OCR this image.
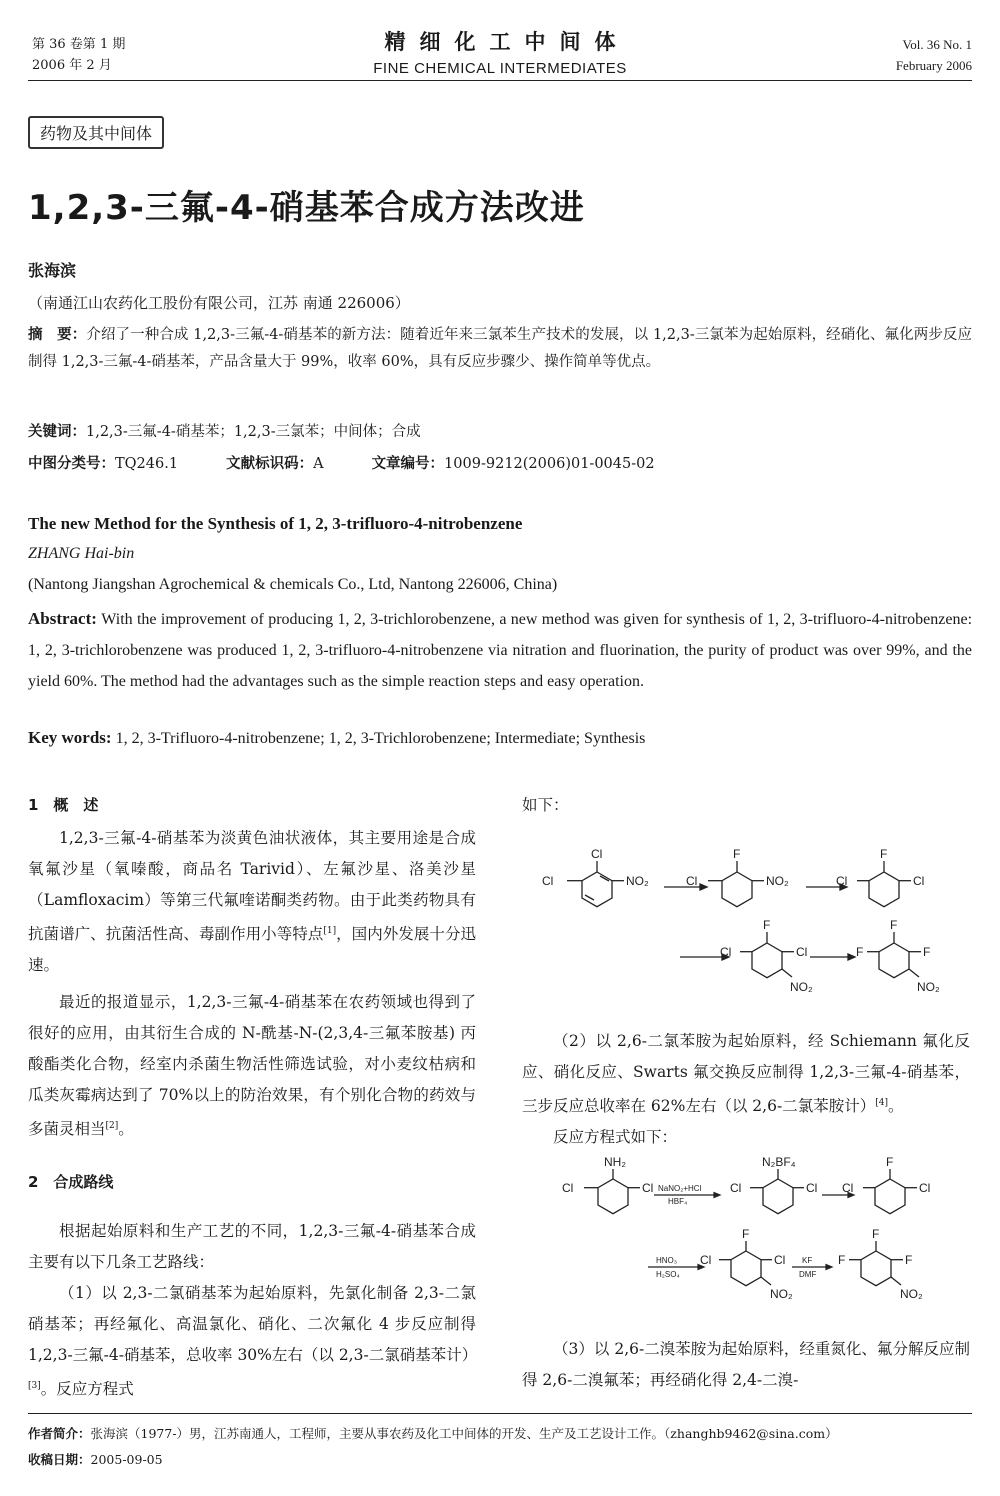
第 36 卷第 1 期
2006 年 2 月
精细化工中间体
FINE CHEMICAL INTERMEDIATES
Vol. 36 No. 1
February 2006
药物及其中间体
1,2,3-三氟-4-硝基苯合成方法改进
张海滨
（南通江山农药化工股份有限公司，江苏 南通 226006）
摘　要：介绍了一种合成 1,2,3-三氟-4-硝基苯的新方法：随着近年来三氯苯生产技术的发展，以 1,2,3-三氯苯为起始原料，经硝化、氟化两步反应制得 1,2,3-三氟-4-硝基苯，产品含量大于 99%，收率 60%，具有反应步骤少、操作简单等优点。
关键词：1,2,3-三氟-4-硝基苯；1,2,3-三氯苯；中间体；合成
中图分类号：TQ246.1	文献标识码：A	文章编号：1009-9212(2006)01-0045-02
The new Method for the Synthesis of 1, 2, 3-trifluoro-4-nitrobenzene
ZHANG Hai-bin
(Nantong Jiangshan Agrochemical & chemicals Co., Ltd, Nantong 226006, China)
Abstract: With the improvement of producing 1, 2, 3-trichlorobenzene, a new method was given for synthesis of 1, 2, 3-trifluoro-4-nitrobenzene: 1, 2, 3-trichlorobenzene was produced 1, 2, 3-trifluoro-4-nitrobenzene via nitration and fluorination, the purity of product was over 99%, and the yield 60%. The method had the advantages such as the simple reaction steps and easy operation.
Key words: 1, 2, 3-Trifluoro-4-nitrobenzene; 1, 2, 3-Trichlorobenzene; Intermediate; Synthesis
1　概　述

1,2,3-三氟-4-硝基苯为淡黄色油状液体，其主要用途是合成氧氟沙星（氧嗪酸，商品名 Tarivid）、左氟沙星、洛美沙星（Lamfloxacim）等第三代氟喹诺酮类药物。由于此类药物具有抗菌谱广、抗菌活性高、毒副作用小等特点[1]，国内外发展十分迅速。

最近的报道显示，1,2,3-三氟-4-硝基苯在农药领域也得到了很好的应用，由其衍生合成的 N-酰基-N-(2,3,4-三氟苯胺基) 丙酸酯类化合物，经室内杀菌生物活性筛选试验，对小麦纹枯病和瓜类灰霉病达到了 70%以上的防治效果，有个别化合物的药效与多菌灵相当[2]。

2　合成路线

根据起始原料和生产工艺的不同，1,2,3-三氟-4-硝基苯合成主要有以下几条工艺路线：

（1）以 2,3-二氯硝基苯为起始原料，先氯化制备 2,3-二氯硝基苯；再经氟化、高温氯化、硝化、二次氟化 4 步反应制得 1,2,3-三氟-4-硝基苯，总收率 30%左右（以 2,3-二氯硝基苯计）[3]。反应方程式

如下：
Cl
Cl	NO₂
F
Cl	NO₂
F
Cl	Cl
F
Cl	Cl
NO₂
F
F	F
NO₂

（2）以 2,6-二氯苯胺为起始原料，经 Schiemann 氟化反应、硝化反应、Swarts 氟交换反应制得 1,2,3-三氟-4-硝基苯，三步反应总收率在 62%左右（以 2,6-二氯苯胺计）[4]。

反应方程式如下：

NH₂
Cl	Cl
N₂BF₄
Cl	Cl
F
Cl	Cl
F
Cl	Cl
NO₂
F
F	F
NO₂
NaNO₂+HCl
HBF₄
HNO₃
H₂SO₄
KF
DMF

（3）以 2,6-二溴苯胺为起始原料，经重氮化、氟分解反应制得 2,6-二溴氟苯；再经硝化得 2,4-二溴-

作者简介：张海滨（1977-）男，江苏南通人，工程师，主要从事农药及化工中间体的开发、生产及工艺设计工作。（zhanghb9462@sina.com）
收稿日期：2005-09-05
